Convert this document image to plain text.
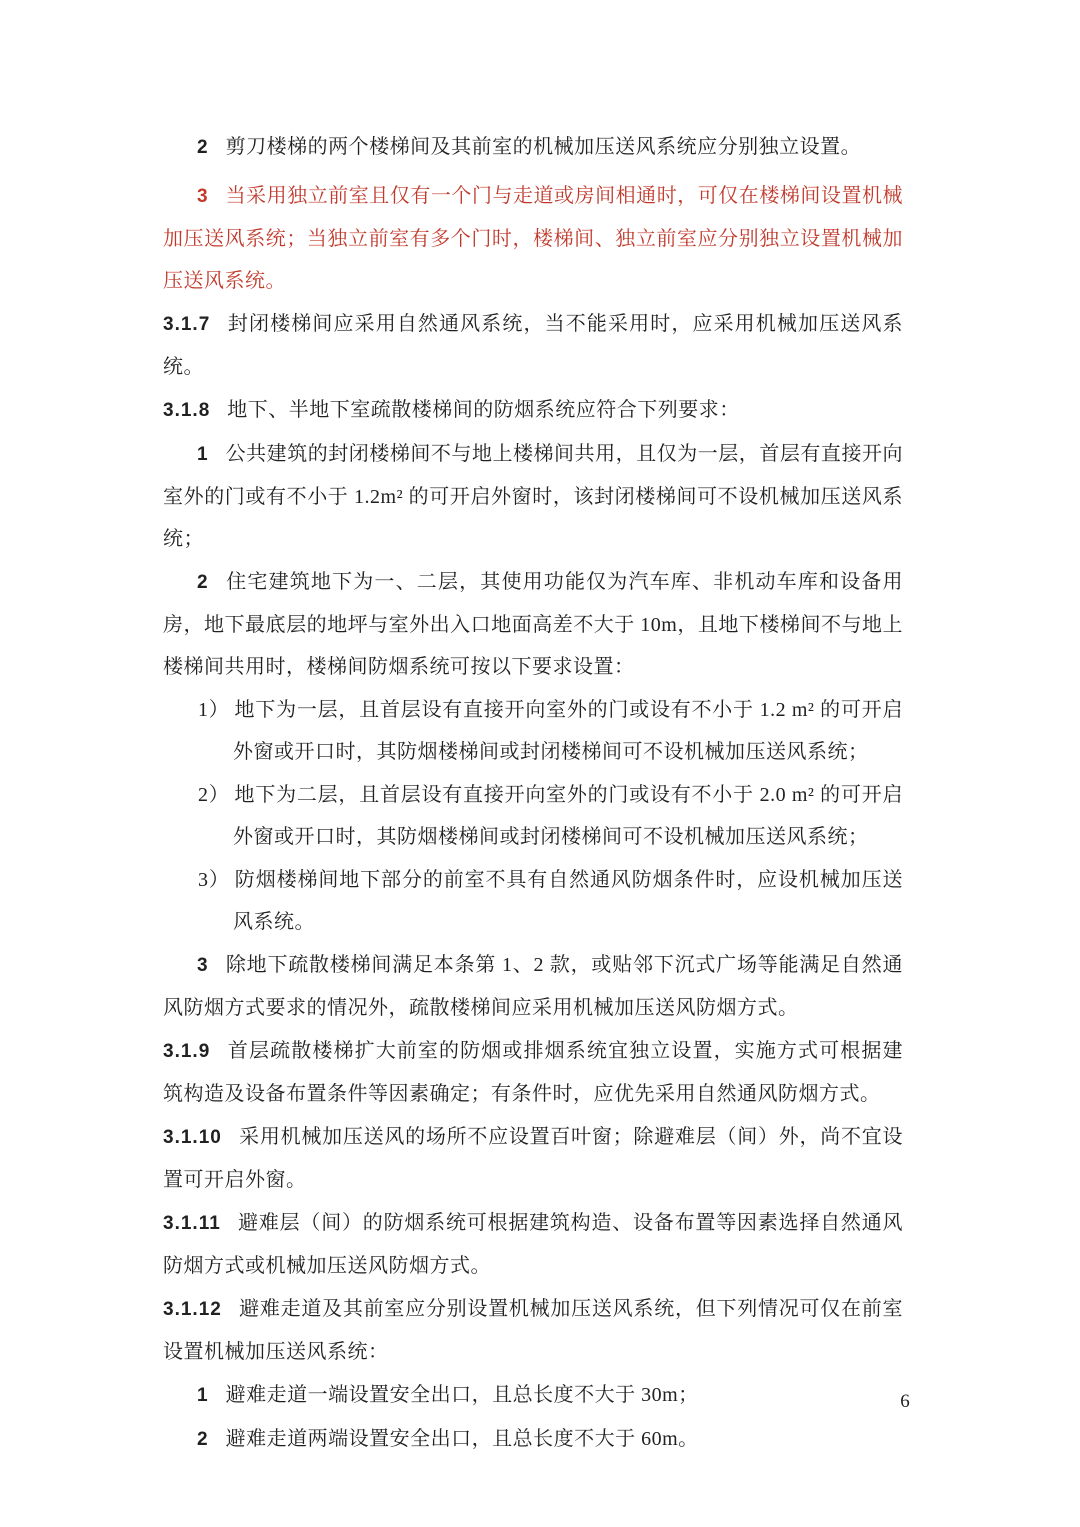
2 剪刀楼梯的两个楼梯间及其前室的机械加压送风系统应分别独立设置。

3 当采用独立前室且仅有一个门与走道或房间相通时，可仅在楼梯间设置机械加压送风系统；当独立前室有多个门时，楼梯间、独立前室应分别独立设置机械加压送风系统。

3.1.7 封闭楼梯间应采用自然通风系统，当不能采用时，应采用机械加压送风系统。

3.1.8 地下、半地下室疏散楼梯间的防烟系统应符合下列要求：

1 公共建筑的封闭楼梯间不与地上楼梯间共用，且仅为一层，首层有直接开向室外的门或有不小于 1.2m² 的可开启外窗时，该封闭楼梯间可不设机械加压送风系统；

2 住宅建筑地下为一、二层，其使用功能仅为汽车库、非机动车库和设备用房，地下最底层的地坪与室外出入口地面高差不大于 10m，且地下楼梯间不与地上楼梯间共用时，楼梯间防烟系统可按以下要求设置：

1） 地下为一层，且首层设有直接开向室外的门或设有不小于 1.2 m² 的可开启外窗或开口时，其防烟楼梯间或封闭楼梯间可不设机械加压送风系统；

2） 地下为二层，且首层设有直接开向室外的门或设有不小于 2.0 m² 的可开启外窗或开口时，其防烟楼梯间或封闭楼梯间可不设机械加压送风系统；

3） 防烟楼梯间地下部分的前室不具有自然通风防烟条件时，应设机械加压送风系统。

3 除地下疏散楼梯间满足本条第 1、2 款，或贴邻下沉式广场等能满足自然通风防烟方式要求的情况外，疏散楼梯间应采用机械加压送风防烟方式。

3.1.9 首层疏散楼梯扩大前室的防烟或排烟系统宜独立设置，实施方式可根据建筑构造及设备布置条件等因素确定；有条件时，应优先采用自然通风防烟方式。

3.1.10 采用机械加压送风的场所不应设置百叶窗；除避难层（间）外，尚不宜设置可开启外窗。

3.1.11 避难层（间）的防烟系统可根据建筑构造、设备布置等因素选择自然通风防烟方式或机械加压送风防烟方式。

3.1.12 避难走道及其前室应分别设置机械加压送风系统，但下列情况可仅在前室设置机械加压送风系统：

1 避难走道一端设置安全出口，且总长度不大于 30m；

2 避难走道两端设置安全出口，且总长度不大于 60m。

6
